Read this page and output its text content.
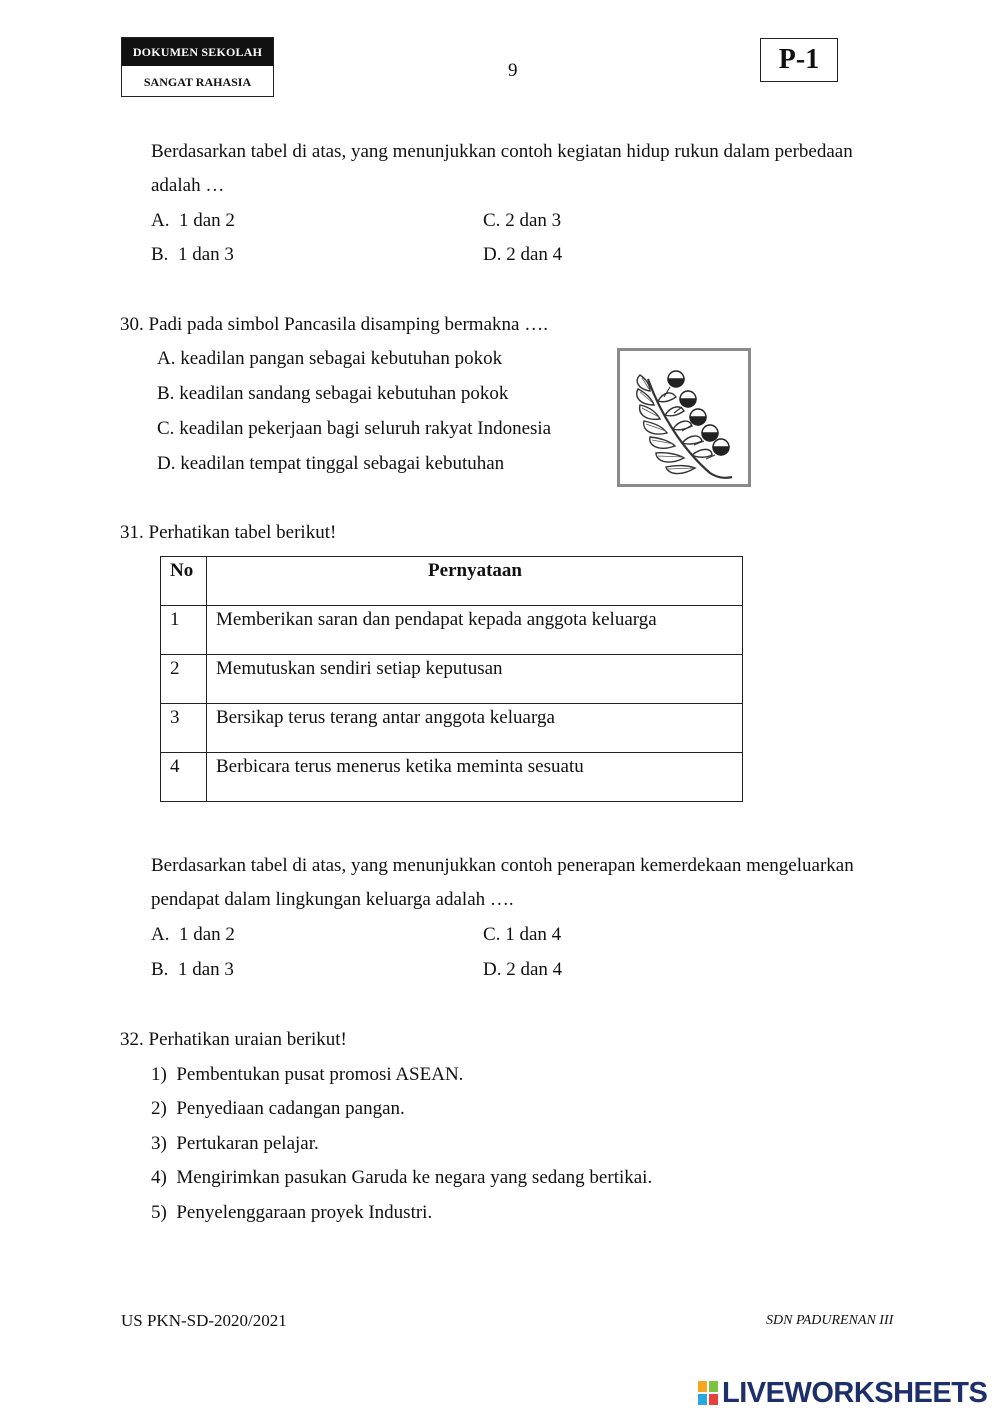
DOKUMEN SEKOLAH
SANGAT RAHASIA
9	P-1
Berdasarkan tabel di atas, yang menunjukkan contoh kegiatan hidup rukun dalam perbedaan
adalah …
A. 1 dan 2
B. 1 dan 3
C. 2 dan 3
D. 2 dan 4
30. Padi pada simbol Pancasila disamping bermakna ….
A. keadilan pangan sebagai kebutuhan pokok
B. keadilan sandang sebagai kebutuhan pokok
C. keadilan pekerjaan bagi seluruh rakyat Indonesia
D. keadilan tempat tinggal sebagai kebutuhan
31. Perhatikan tabel berikut!
No	Pernyataan
1	Memberikan saran dan pendapat kepada anggota keluarga
2	Memutuskan sendiri setiap keputusan
3	Bersikap terus terang antar anggota keluarga
4	Berbicara terus menerus ketika meminta sesuatu
Berdasarkan tabel di atas, yang menunjukkan contoh penerapan kemerdekaan mengeluarkan
pendapat dalam lingkungan keluarga adalah ….
A. 1 dan 2
B. 1 dan 3
C. 1 dan 4
D. 2 dan 4
32. Perhatikan uraian berikut!
1) Pembentukan pusat promosi ASEAN.
2) Penyediaan cadangan pangan.
3) Pertukaran pelajar.
4) Mengirimkan pasukan Garuda ke negara yang sedang bertikai.
5) Penyelenggaraan proyek Industri.
US PKN-SD-2020/2021	SDN PADURENAN III
LIVEWORKSHEETS
